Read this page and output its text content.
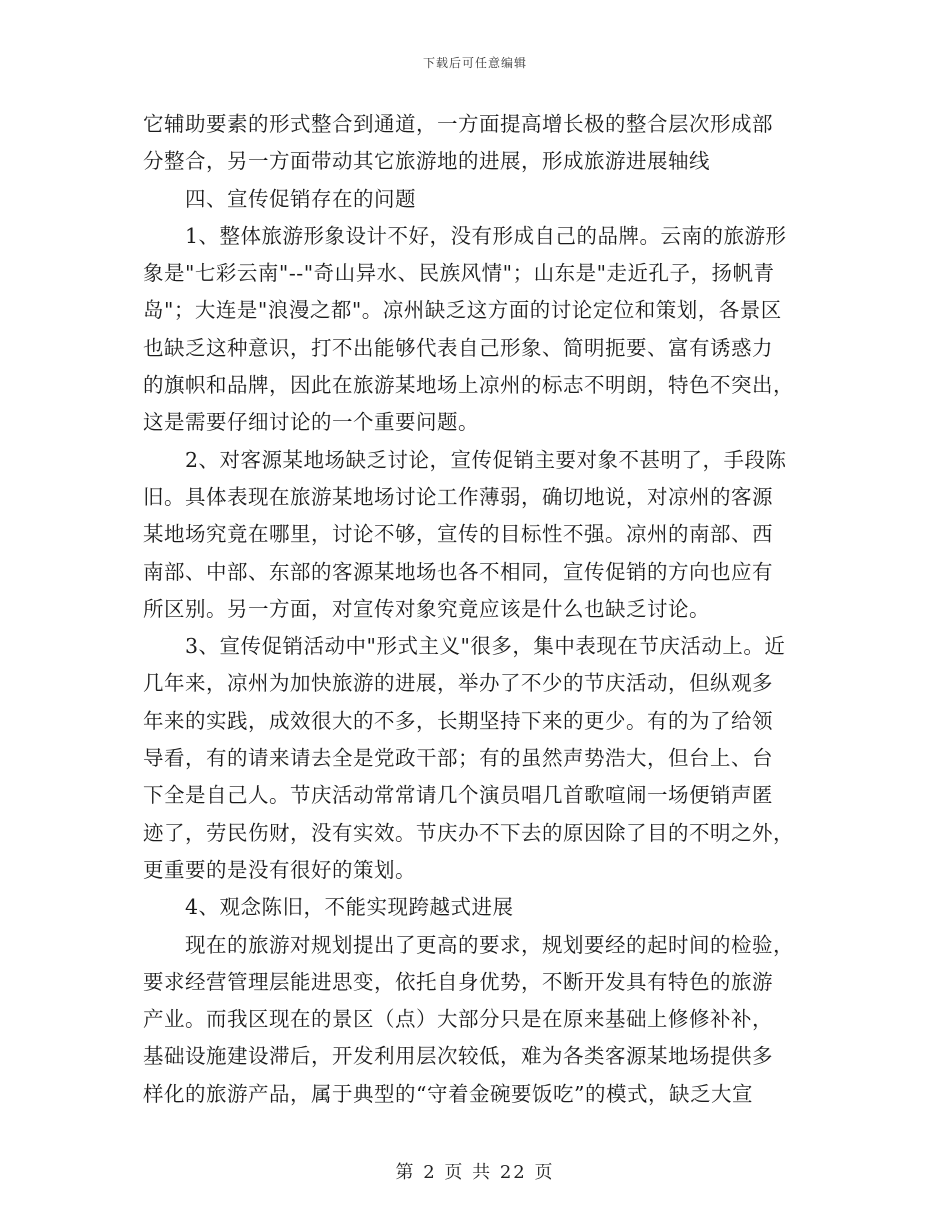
下载后可任意编辑
它辅助要素的形式整合到通道，一方面提高增长极的整合层次形成部
分整合，另一方面带动其它旅游地的进展，形成旅游进展轴线
四、宣传促销存在的问题
1、整体旅游形象设计不好，没有形成自己的品牌。云南的旅游形
象是"七彩云南"--"奇山异水、民族风情"；山东是"走近孔子，扬帆青
岛"；大连是"浪漫之都"。凉州缺乏这方面的讨论定位和策划，各景区
也缺乏这种意识，打不出能够代表自己形象、简明扼要、富有诱惑力
的旗帜和品牌，因此在旅游某地场上凉州的标志不明朗，特色不突出，
这是需要仔细讨论的一个重要问题。
2、对客源某地场缺乏讨论，宣传促销主要对象不甚明了，手段陈
旧。具体表现在旅游某地场讨论工作薄弱，确切地说，对凉州的客源
某地场究竟在哪里，讨论不够，宣传的目标性不强。凉州的南部、西
南部、中部、东部的客源某地场也各不相同，宣传促销的方向也应有
所区别。另一方面，对宣传对象究竟应该是什么也缺乏讨论。
3、宣传促销活动中"形式主义"很多，集中表现在节庆活动上。近
几年来，凉州为加快旅游的进展，举办了不少的节庆活动，但纵观多
年来的实践，成效很大的不多，长期坚持下来的更少。有的为了给领
导看，有的请来请去全是党政干部；有的虽然声势浩大，但台上、台
下全是自己人。节庆活动常常请几个演员唱几首歌喧闹一场便销声匿
迹了，劳民伤财，没有实效。节庆办不下去的原因除了目的不明之外，
更重要的是没有很好的策划。
4、观念陈旧，不能实现跨越式进展
现在的旅游对规划提出了更高的要求，规划要经的起时间的检验，
要求经营管理层能进思变，依托自身优势，不断开发具有特色的旅游
产业。而我区现在的景区（点）大部分只是在原来基础上修修补补，
基础设施建设滞后，开发利用层次较低，难为各类客源某地场提供多
样化的旅游产品，属于典型的“守着金碗要饭吃”的模式，缺乏大宣
第 2 页 共 22 页
